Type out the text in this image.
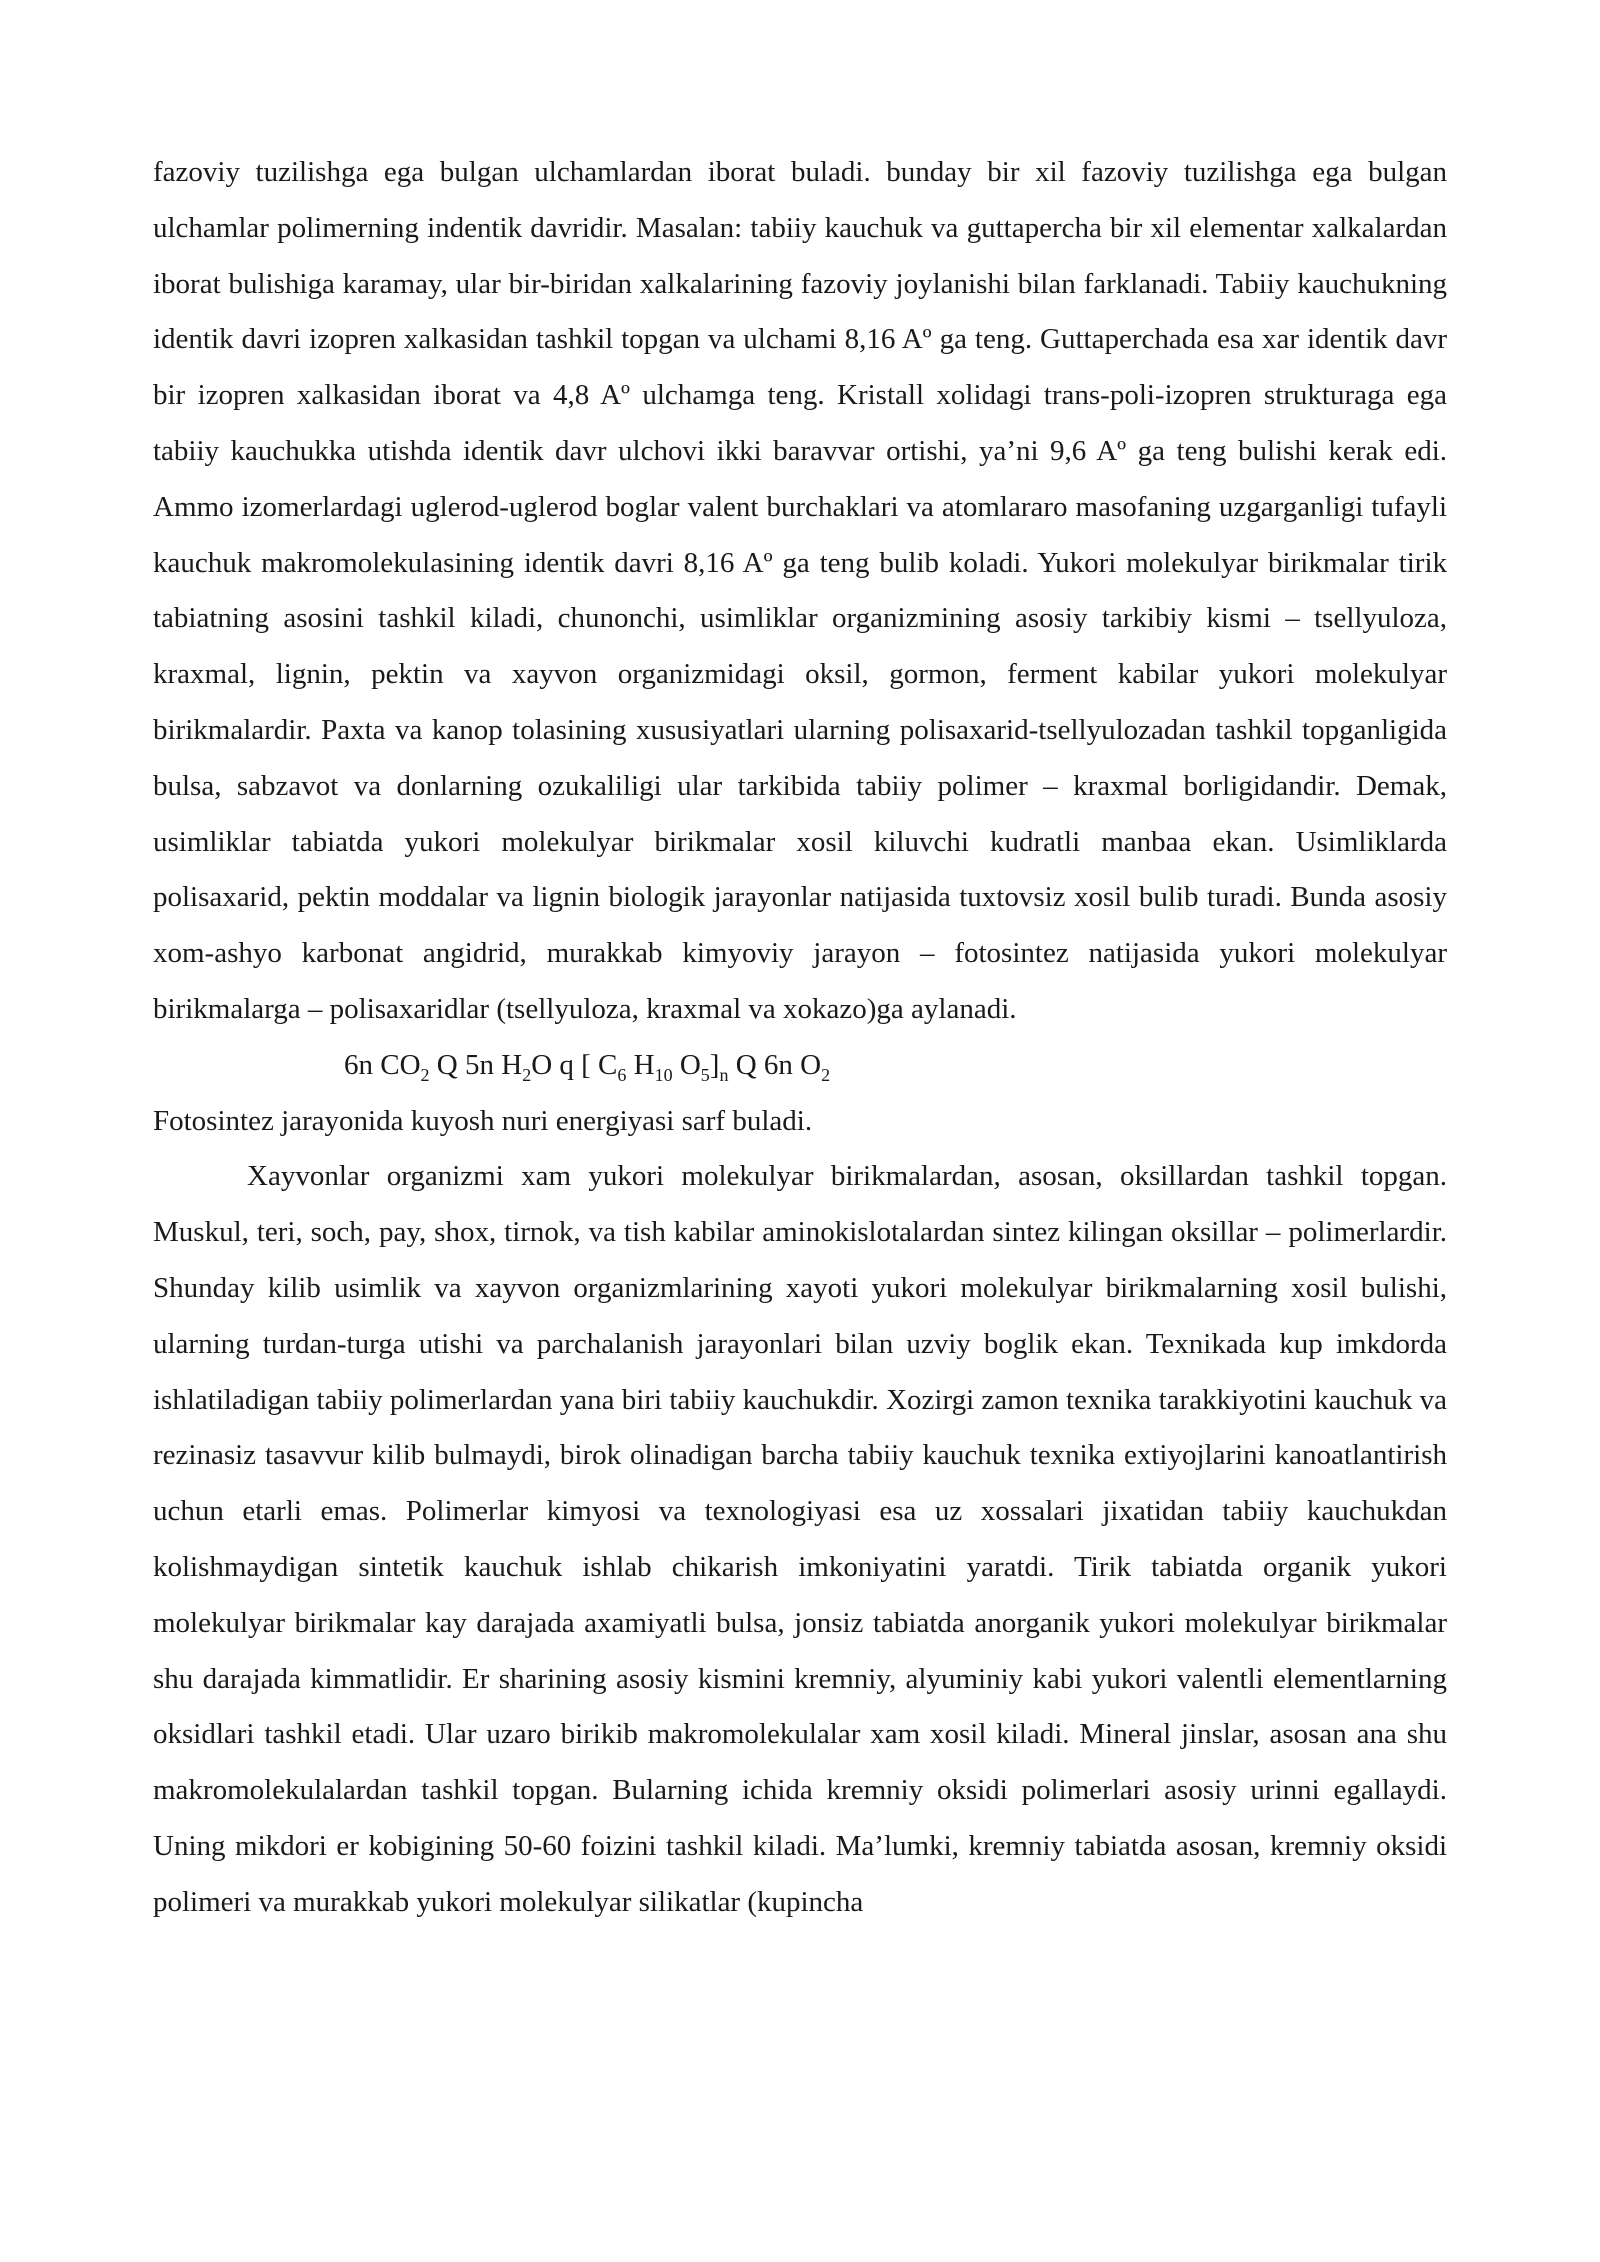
fazoviy tuzilishga ega bulgan ulchamlardan iborat buladi. bunday bir xil fazoviy tuzilishga ega bulgan ulchamlar polimerning indentik davridir. Masalan: tabiiy kauchuk va guttapercha bir xil elementar xalkalardan iborat bulishiga karamay, ular bir-biridan xalkalarining fazoviy joylanishi bilan farklanadi. Tabiiy kauchukning identik davri izopren xalkasidan tashkil topgan va ulchami 8,16 Aº ga teng. Guttaperchada esa xar identik davr bir izopren xalkasidan iborat va 4,8 Aº ulchamga teng. Kristall xolidagi trans-poli-izopren strukturaga ega tabiiy kauchukka utishda identik davr ulchovi ikki baravvar ortishi, ya’ni 9,6 Aº ga teng bulishi kerak edi. Ammo izomerlardagi uglerod-uglerod boglar valent burchaklari va atomlararo masofaning uzgarganligi tufayli kauchuk makromolekulasining identik davri 8,16 Aº ga teng bulib koladi. Yukori molekulyar birikmalar tirik tabiatning asosini tashkil kiladi, chunonchi, usimliklar organizmining asosiy tarkibiy kismi – tsellyuloza, kraxmal, lignin, pektin va xayvon organizmidagi oksil, gormon, ferment kabilar yukori molekulyar birikmalardir. Paxta va kanop tolasining xususiyatlari ularning polisaxarid-tsellyulozadan tashkil topganligida bulsa, sabzavot va donlarning ozukaliligi ular tarkibida tabiiy polimer – kraxmal borligidandir. Demak, usimliklar tabiatda yukori molekulyar birikmalar xosil kiluvchi kudratli manbaa ekan. Usimliklarda polisaxarid, pektin moddalar va lignin biologik jarayonlar natijasida tuxtovsiz xosil bulib turadi. Bunda asosiy xom-ashyo karbonat angidrid, murakkab kimyoviy jarayon – fotosintez natijasida yukori molekulyar birikmalarga – polisaxaridlar (tsellyuloza, kraxmal va xokazo)ga aylanadi.

6n $CO_2$ Q 5n $H_2O$ q [ $C_6$ $H_{10}$ $O_5]_n$ Q 6n $O_2$

Fotosintez jarayonida kuyosh nuri energiyasi sarf buladi.

Xayvonlar organizmi xam yukori molekulyar birikmalardan, asosan, oksillardan tashkil topgan. Muskul, teri, soch, pay, shox, tirnok, va tish kabilar aminokislotalardan sintez kilingan oksillar – polimerlardir. Shunday kilib usimlik va xayvon organizmlarining xayoti yukori molekulyar birikmalarning xosil bulishi, ularning turdan-turga utishi va parchalanish jarayonlari bilan uzviy boglik ekan. Texnikada kup imkdorda ishlatiladigan tabiiy polimerlardan yana biri tabiiy kauchukdir. Xozirgi zamon texnika tarakkiyotini kauchuk va rezinasiz tasavvur kilib bulmaydi, birok olinadigan barcha tabiiy kauchuk texnika extiyojlarini kanoatlantirish uchun etarli emas. Polimerlar kimyosi va texnologiyasi esa uz xossalari jixatidan tabiiy kauchukdan kolishmaydigan sintetik kauchuk ishlab chikarish imkoniyatini yaratdi. Tirik tabiatda organik yukori molekulyar birikmalar kay darajada axamiyatli bulsa, jonsiz tabiatda anorganik yukori molekulyar birikmalar shu darajada kimmatlidir. Er sharining asosiy kismini kremniy, alyuminiy kabi yukori valentli elementlarning oksidlari tashkil etadi. Ular uzaro birikib makromolekulalar xam xosil kiladi. Mineral jinslar, asosan ana shu makromolekulalardan tashkil topgan. Bularning ichida kremniy oksidi polimerlari asosiy urinni egallaydi. Uning mikdori er kobigining 50-60 foizini tashkil kiladi. Ma’lumki, kremniy tabiatda asosan, kremniy oksidi polimeri va murakkab yukori molekulyar silikatlar (kupincha
